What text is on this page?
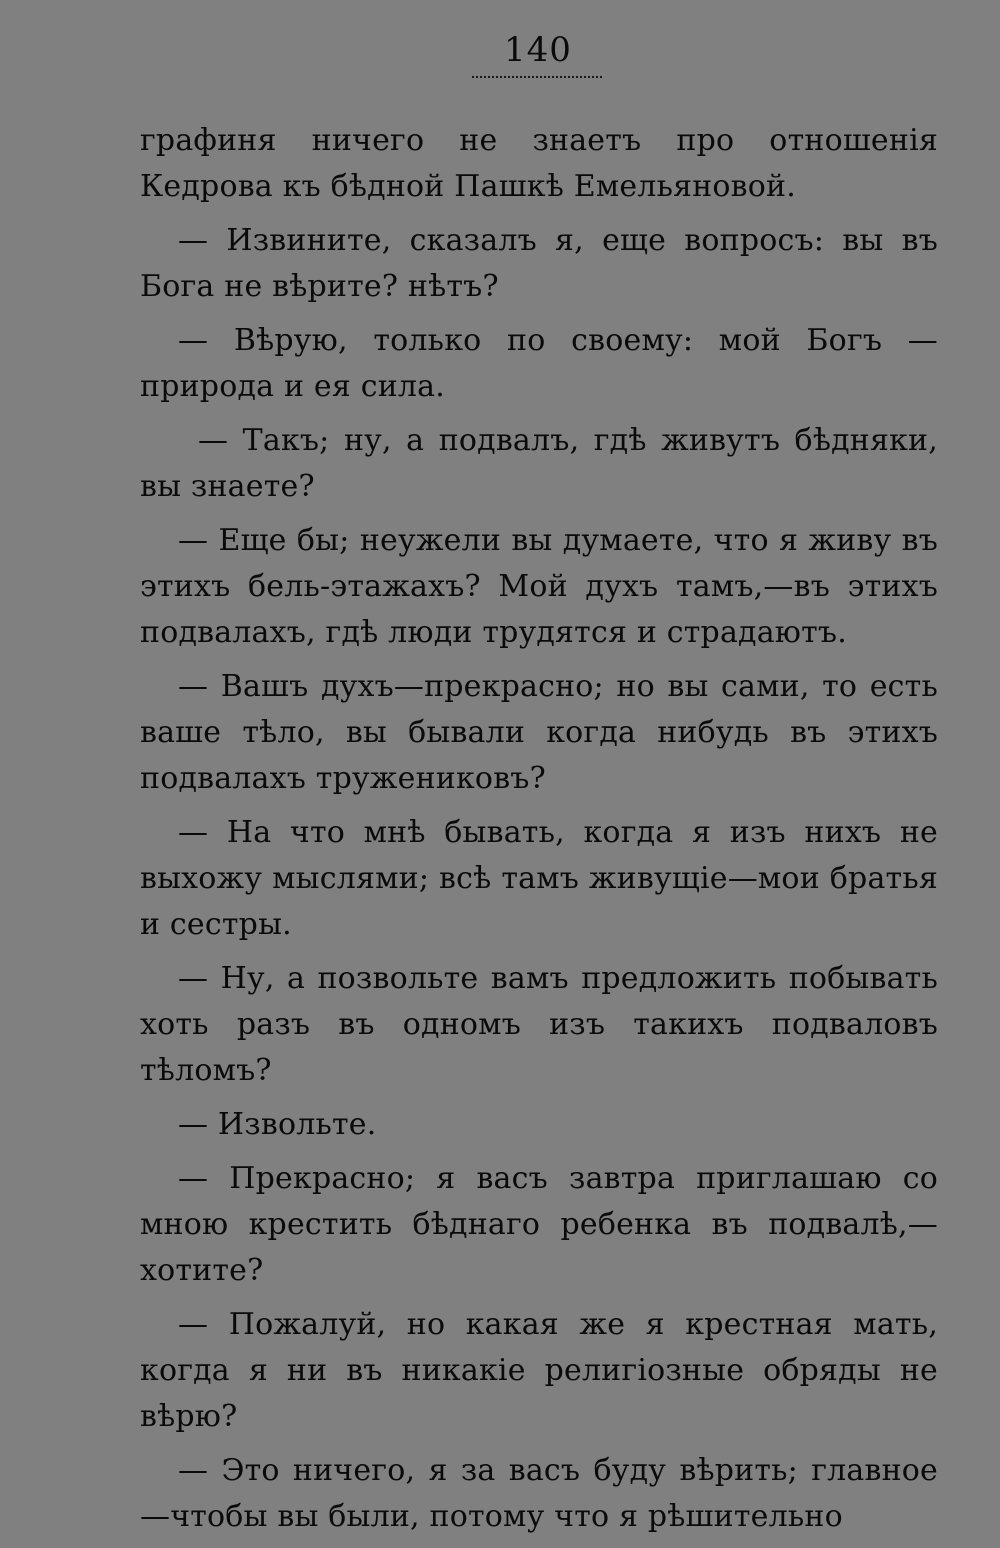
140

графиня ничего не знаетъ про отношенія Кедрова къ бѣдной Пашкѣ Емельяновой.

— Извините, сказалъ я, еще вопросъ: вы въ Бога не вѣрите? нѣтъ?

— Вѣрую, только по своему: мой Богъ — природа и ея сила.

— Такъ; ну, а подвалъ, гдѣ живутъ бѣдняки, вы знаете?

— Еще бы; неужели вы думаете, что я живу въ этихъ бель-этажахъ? Мой духъ тамъ,—въ этихъ подвалахъ, гдѣ люди трудятся и страдаютъ.

— Вашъ духъ—прекрасно; но вы сами, то есть ваше тѣло, вы бывали когда нибудь въ этихъ подвалахъ тружениковъ?

— На что мнѣ бывать, когда я изъ нихъ не выхожу мыслями; всѣ тамъ живущіе—мои братья и сестры.

— Ну, а позвольте вамъ предложить побывать хоть разъ въ одномъ изъ такихъ подваловъ тѣломъ?

— Извольте.

— Прекрасно; я васъ завтра приглашаю со мною крестить бѣднаго ребенка въ подвалѣ,— хотите?

— Пожалуй, но какая же я крестная мать, когда я ни въ никакіе религіозные обряды не вѣрю?

— Это ничего, я за васъ буду вѣрить; главное—чтобы вы были, потому что я рѣшительно
